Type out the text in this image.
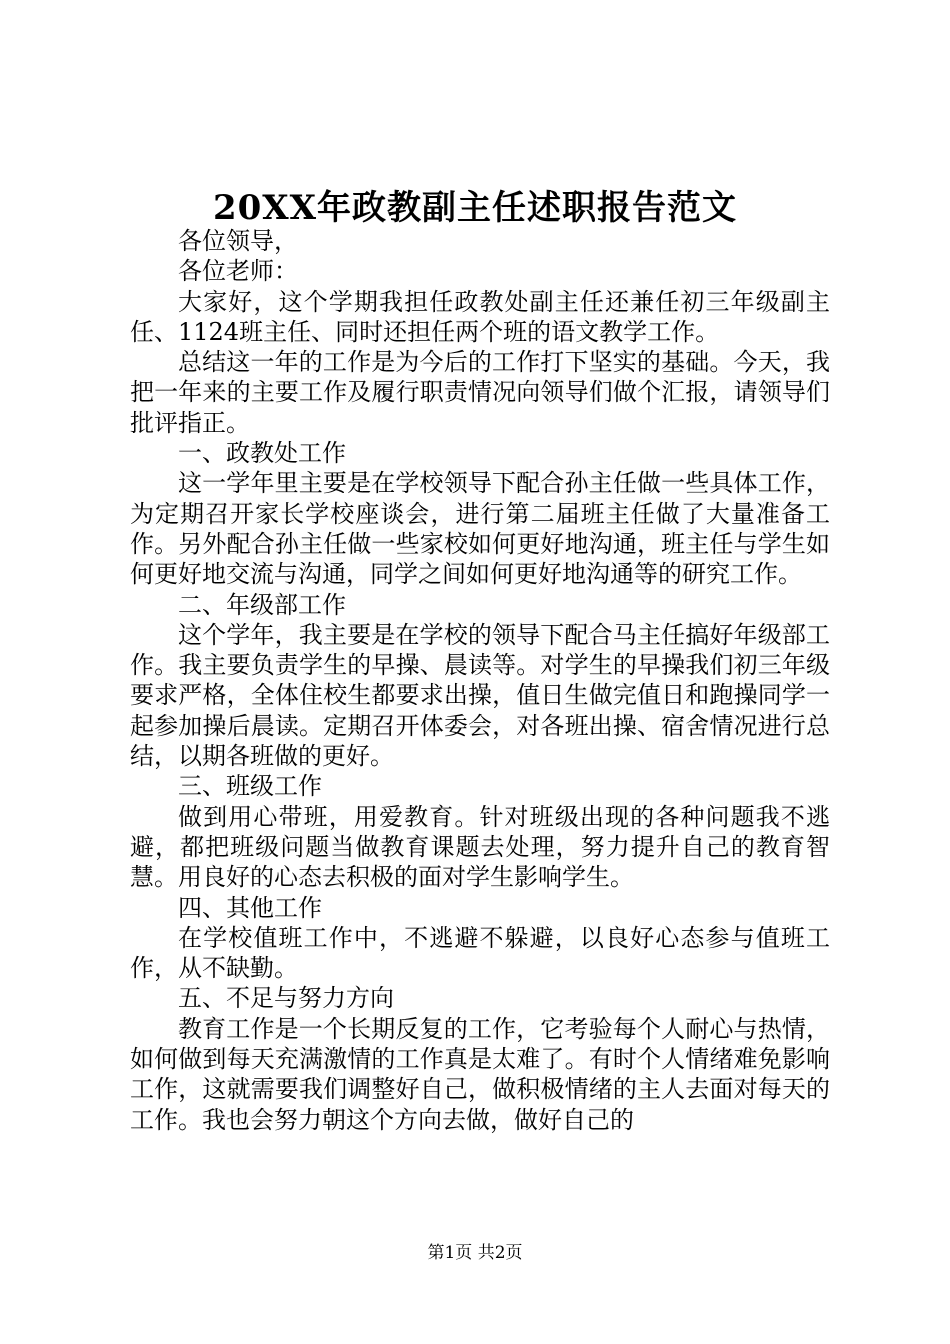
20XX年政教副主任述职报告范文

各位领导，

各位老师：

大家好，这个学期我担任政教处副主任还兼任初三年级副主任、1124班主任、同时还担任两个班的语文教学工作。

总结这一年的工作是为今后的工作打下坚实的基础。今天，我把一年来的主要工作及履行职责情况向领导们做个汇报，请领导们批评指正。

一、政教处工作

这一学年里主要是在学校领导下配合孙主任做一些具体工作，为定期召开家长学校座谈会，进行第二届班主任做了大量准备工作。另外配合孙主任做一些家校如何更好地沟通，班主任与学生如何更好地交流与沟通，同学之间如何更好地沟通等的研究工作。

二、年级部工作

这个学年，我主要是在学校的领导下配合马主任搞好年级部工作。我主要负责学生的早操、晨读等。对学生的早操我们初三年级要求严格，全体住校生都要求出操，值日生做完值日和跑操同学一起参加操后晨读。定期召开体委会，对各班出操、宿舍情况进行总结，以期各班做的更好。

三、班级工作

做到用心带班，用爱教育。针对班级出现的各种问题我不逃避，都把班级问题当做教育课题去处理，努力提升自己的教育智慧。用良好的心态去积极的面对学生影响学生。

四、其他工作

在学校值班工作中，不逃避不躲避，以良好心态参与值班工作，从不缺勤。

五、不足与努力方向

教育工作是一个长期反复的工作，它考验每个人耐心与热情，如何做到每天充满激情的工作真是太难了。有时个人情绪难免影响工作，这就需要我们调整好自己，做积极情绪的主人去面对每天的工作。我也会努力朝这个方向去做，做好自己的

第1页 共2页
